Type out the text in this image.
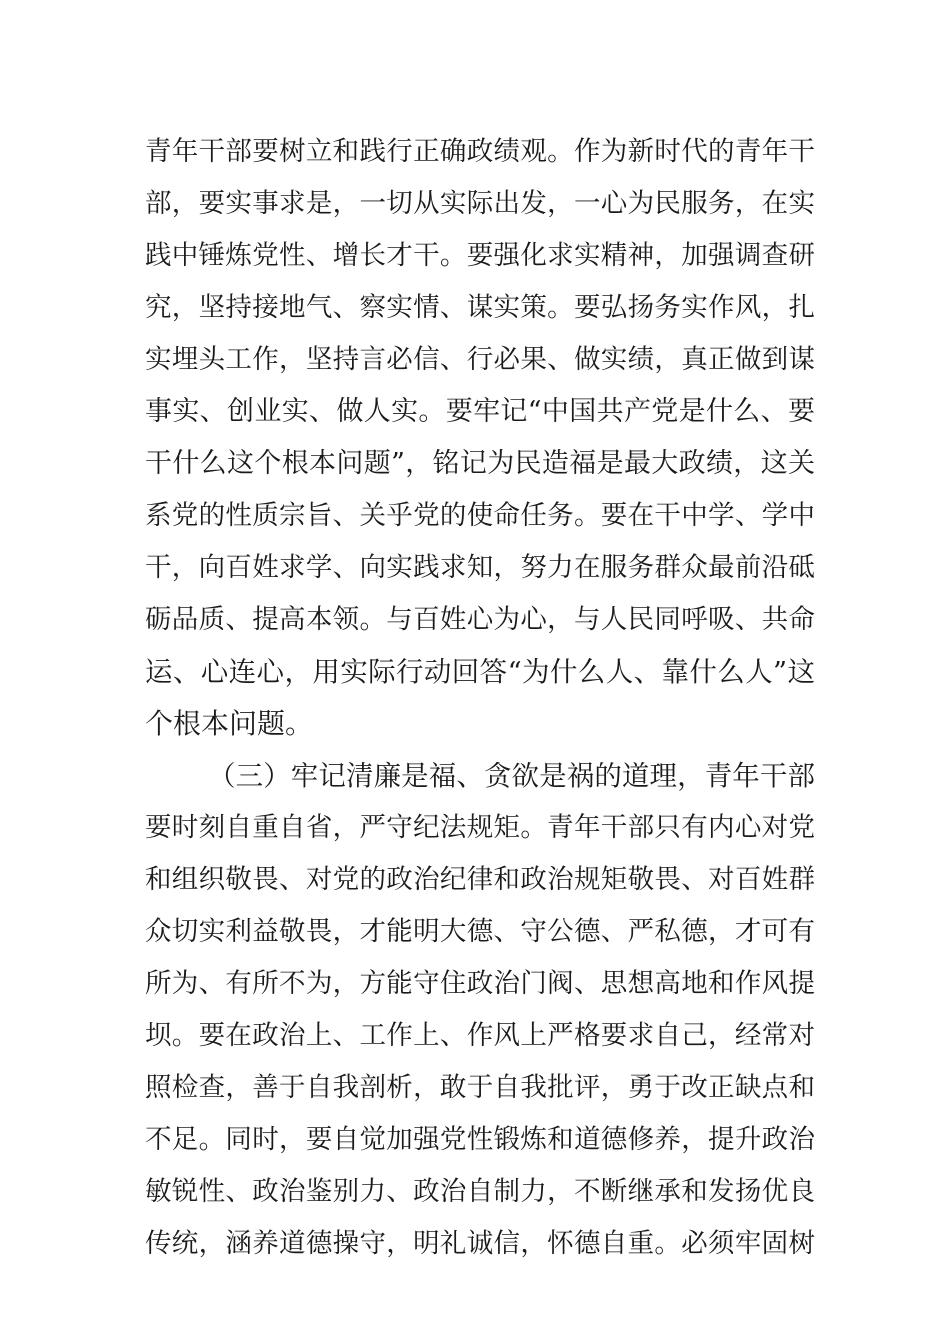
青年干部要树立和践行正确政绩观。作为新时代的青年干
部，要实事求是，一切从实际出发，一心为民服务，在实
践中锤炼党性、增长才干。要强化求实精神，加强调查研
究，坚持接地气、察实情、谋实策。要弘扬务实作风，扎
实埋头工作，坚持言必信、行必果、做实绩，真正做到谋
事实、创业实、做人实。要牢记“中国共产党是什么、要
干什么这个根本问题”，铭记为民造福是最大政绩，这关
系党的性质宗旨、关乎党的使命任务。要在干中学、学中
干，向百姓求学、向实践求知，努力在服务群众最前沿砥
砺品质、提高本领。与百姓心为心，与人民同呼吸、共命
运、心连心，用实际行动回答“为什么人、靠什么人”这
个根本问题。
（三）牢记清廉是福、贪欲是祸的道理，青年干部
要时刻自重自省，严守纪法规矩。青年干部只有内心对党
和组织敬畏、对党的政治纪律和政治规矩敬畏、对百姓群
众切实利益敬畏，才能明大德、守公德、严私德，才可有
所为、有所不为，方能守住政治门阀、思想高地和作风提
坝。要在政治上、工作上、作风上严格要求自己，经常对
照检查，善于自我剖析，敢于自我批评，勇于改正缺点和
不足。同时，要自觉加强党性锻炼和道德修养，提升政治
敏锐性、政治鉴别力、政治自制力，不断继承和发扬优良
传统，涵养道德操守，明礼诚信，怀德自重。必须牢固树
